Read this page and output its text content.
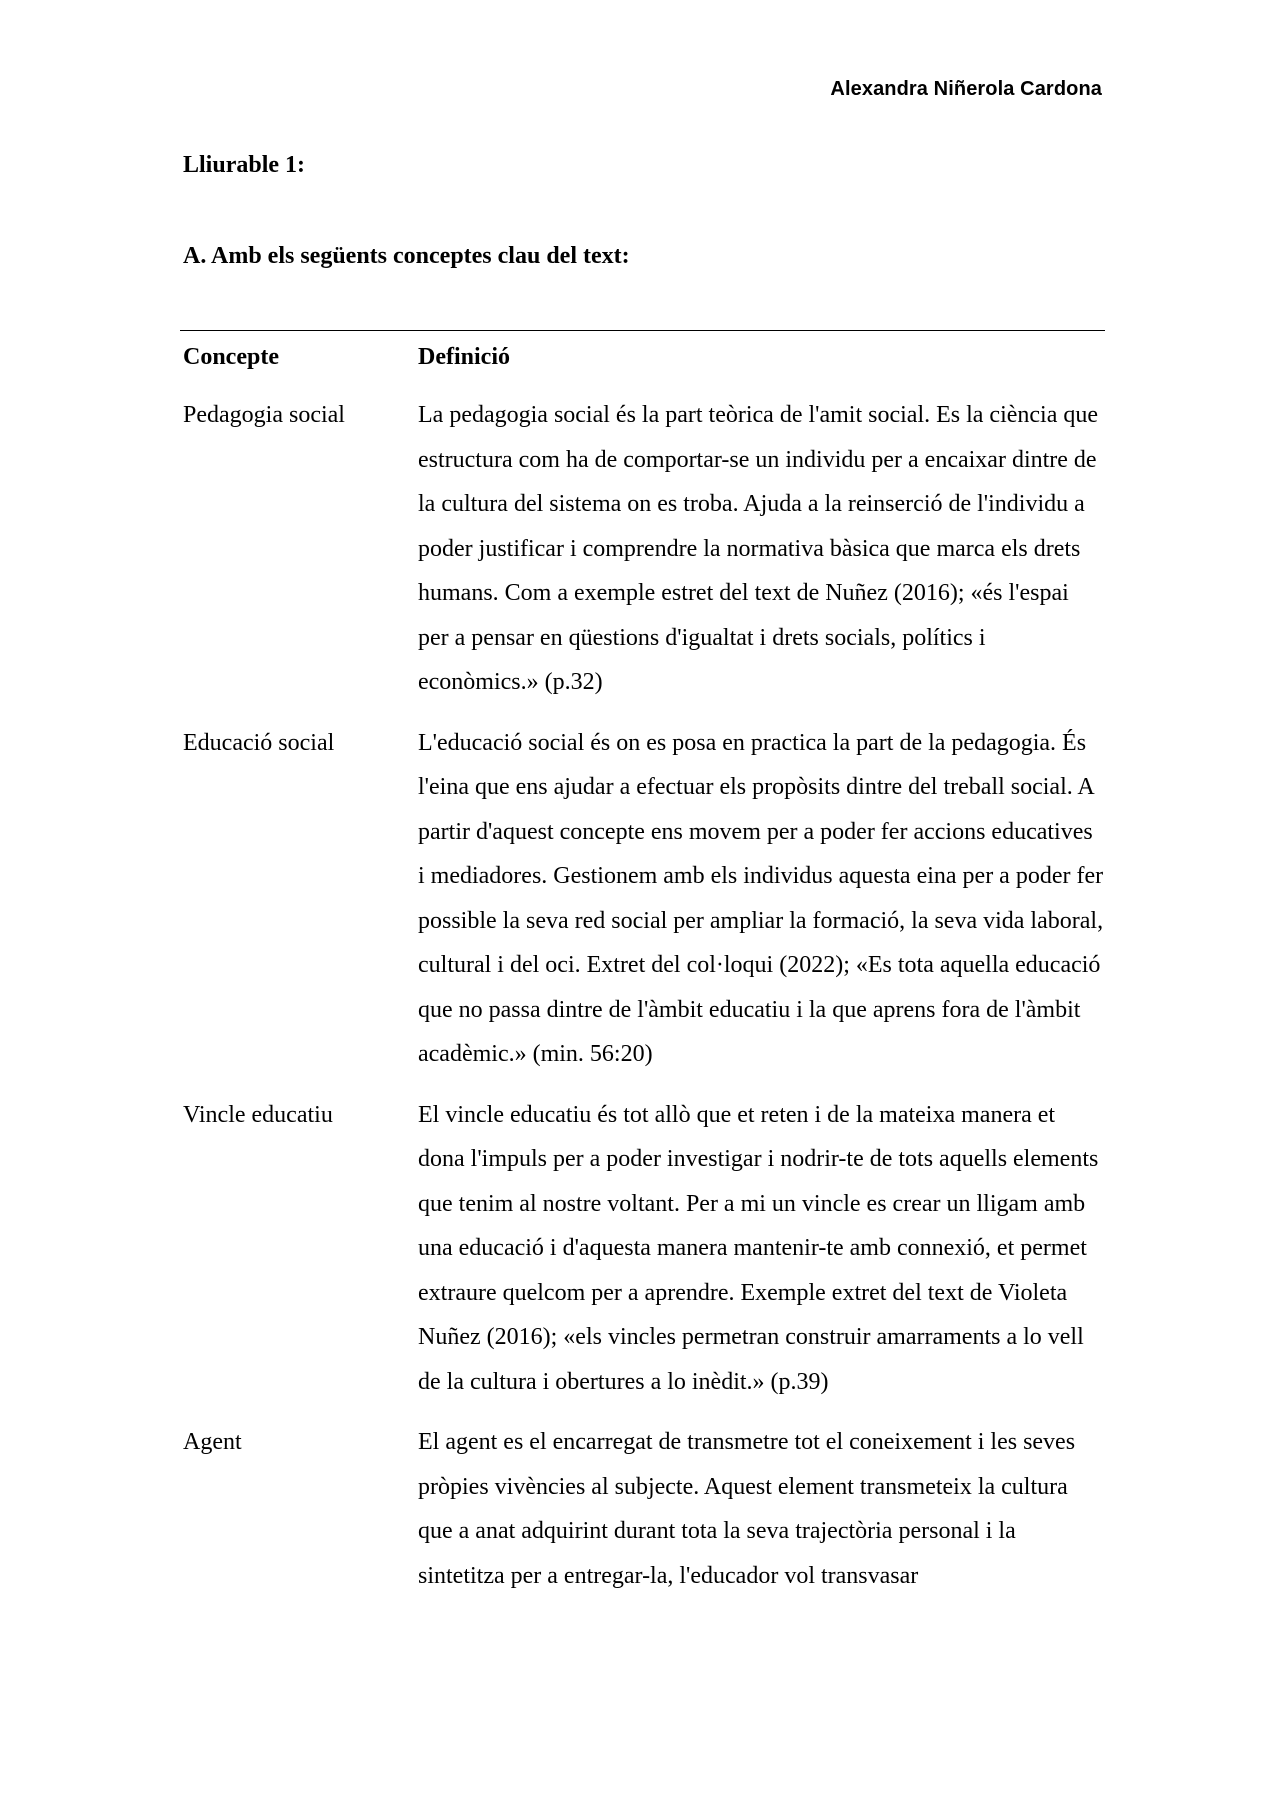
Alexandra Niñerola Cardona
Lliurable 1:
A. Amb els següents conceptes clau del text:
Concepte	Definició
Pedagogia social	La pedagogia social és la part teòrica de l'amit social. Es la ciència que estructura com ha de comportar-se un individu per a encaixar dintre de la cultura del sistema on es troba. Ajuda a la reinserció de l'individu a poder justificar i comprendre la normativa bàsica que marca els drets humans. Com a exemple estret del text de Nuñez (2016); «és l'espai per a pensar en qüestions d'igualtat i drets socials, polítics i econòmics.» (p.32)
Educació social	L'educació social és on es posa en practica la part de la pedagogia. És l'eina que ens ajudar a efectuar els propòsits dintre del treball social. A partir d'aquest concepte ens movem per a poder fer accions educatives i mediadores. Gestionem amb els individus aquesta eina per a poder fer possible la seva red social per ampliar la formació, la seva vida laboral, cultural i del oci. Extret del col·loqui (2022); «Es tota aquella educació que no passa dintre de l'àmbit educatiu i la que aprens fora de l'àmbit acadèmic.» (min. 56:20)
Vincle educatiu	El vincle educatiu és tot allò que et reten i de la mateixa manera et dona l'impuls per a poder investigar i nodrir-te de tots aquells elements que tenim al nostre voltant. Per a mi un vincle es crear un lligam amb una educació i d'aquesta manera mantenir-te amb connexió, et permet extraure quelcom per a aprendre. Exemple extret del text de Violeta Nuñez (2016); «els vincles permetran construir amarraments a lo vell de la cultura i obertures a lo inèdit.» (p.39)
Agent	El agent es el encarregat de transmetre tot el coneixement i les seves pròpies vivències al subjecte. Aquest element transmeteix la cultura que a anat adquirint durant tota la seva trajectòria personal i la sintetitza per a entregar-la, l'educador vol transvasar
